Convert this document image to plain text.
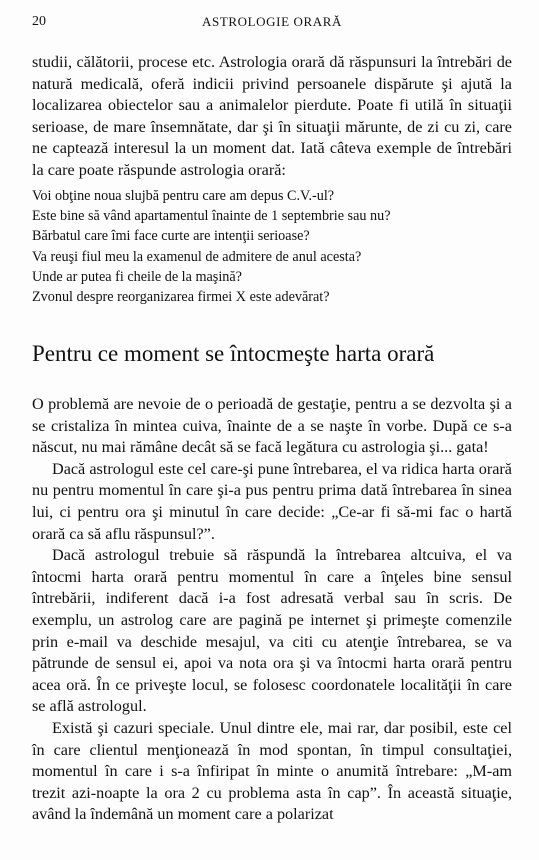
20	ASTROLOGIE ORARĂ

studii, călătorii, procese etc. Astrologia orară dă răspunsuri la întrebări de natură medicală, oferă indicii privind persoanele dispărute şi ajută la localizarea obiectelor sau a animalelor pierdute. Poate fi utilă în situaţii serioase, de mare însemnătate, dar şi în situaţii mărunte, de zi cu zi, care ne captează interesul la un moment dat. Iată câteva exemple de întrebări la care poate răspunde astrologia orară:

Voi obţine noua slujbă pentru care am depus C.V.-ul?
Este bine să vând apartamentul înainte de 1 septembrie sau nu?
Bărbatul care îmi face curte are intenţii serioase?
Va reuşi fiul meu la examenul de admitere de anul acesta?
Unde ar putea fi cheile de la maşină?
Zvonul despre reorganizarea firmei X este adevărat?
Pentru ce moment se întocmeşte harta orară

O problemă are nevoie de o perioadă de gestaţie, pentru a se dezvolta şi a se cristaliza în mintea cuiva, înainte de a se naşte în vorbe. După ce s-a născut, nu mai rămâne decât să se facă legătura cu astrologia şi... gata!

Dacă astrologul este cel care-şi pune întrebarea, el va ridica harta orară nu pentru momentul în care şi-a pus pentru prima dată întrebarea în sinea lui, ci pentru ora şi minutul în care decide: „Ce-ar fi să-mi fac o hartă orară ca să aflu răspunsul?”.

Dacă astrologul trebuie să răspundă la întrebarea altcuiva, el va întocmi harta orară pentru momentul în care a înţeles bine sensul întrebării, indiferent dacă i-a fost adresată verbal sau în scris. De exemplu, un astrolog care are pagină pe internet şi primeşte comenzile prin e-mail va deschide mesajul, va citi cu atenţie întrebarea, se va pătrunde de sensul ei, apoi va nota ora şi va întocmi harta orară pentru acea oră. În ce priveşte locul, se folosesc coordonatele localităţii în care se află astrologul.

Există şi cazuri speciale. Unul dintre ele, mai rar, dar posibil, este cel în care clientul menţionează în mod spontan, în timpul consultaţiei, momentul în care i s-a înfiripat în minte o anumită întrebare: „M-am trezit azi-noapte la ora 2 cu problema asta în cap”. În această situaţie, având la îndemână un moment care a polarizat
